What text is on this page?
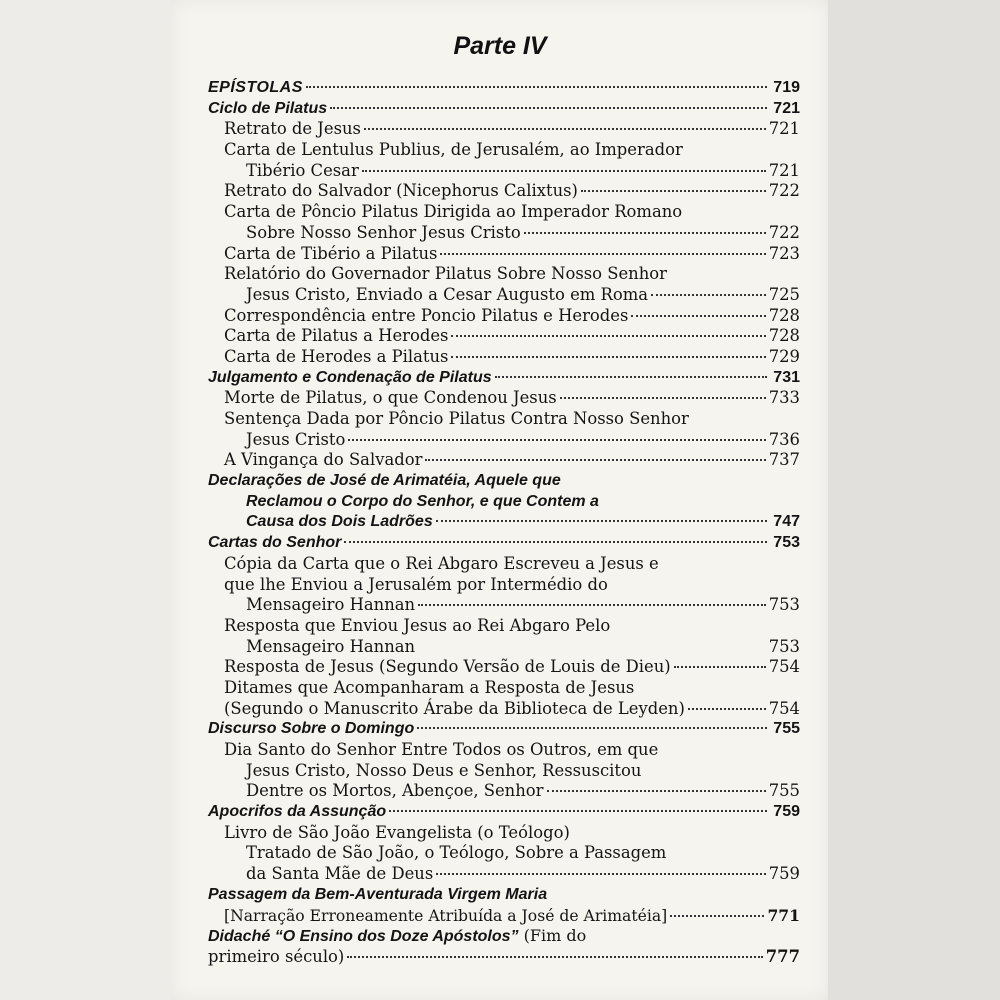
Parte IV
EPÍSTOLAS	719
Ciclo de Pilatus	721
Retrato de Jesus	721
Carta de Lentulus Publius, de Jerusalém, ao Imperador
Tibério Cesar	721
Retrato do Salvador (Nicephorus Calixtus)	722
Carta de Pôncio Pilatus Dirigida ao Imperador Romano
Sobre Nosso Senhor Jesus Cristo	722
Carta de Tibério a Pilatus	723
Relatório do Governador Pilatus Sobre Nosso Senhor
Jesus Cristo, Enviado a Cesar Augusto em Roma	725
Correspondência entre Poncio Pilatus e Herodes	728
Carta de Pilatus a Herodes	728
Carta de Herodes a Pilatus	729
Julgamento e Condenação de Pilatus	731
Morte de Pilatus, o que Condenou Jesus	733
Sentença Dada por Pôncio Pilatus Contra Nosso Senhor
Jesus Cristo	736
A Vingança do Salvador	737
Declarações de José de Arimatéia, Aquele que
Reclamou o Corpo do Senhor, e que Contem a
Causa dos Dois Ladrões	747
Cartas do Senhor	753
Cópia da Carta que o Rei Abgaro Escreveu a Jesus e
que lhe Enviou a Jerusalém por Intermédio do
Mensageiro Hannan	753
Resposta que Enviou Jesus ao Rei Abgaro Pelo
Mensageiro Hannan	753
Resposta de Jesus (Segundo Versão de Louis de Dieu)	754
Ditames que Acompanharam a Resposta de Jesus
(Segundo o Manuscrito Árabe da Biblioteca de Leyden)	754
Discurso Sobre o Domingo	755
Dia Santo do Senhor Entre Todos os Outros, em que
Jesus Cristo, Nosso Deus e Senhor, Ressuscitou
Dentre os Mortos, Abençoe, Senhor	755
Apocrifos da Assunção	759
Livro de São João Evangelista (o Teólogo)
Tratado de São João, o Teólogo, Sobre a Passagem
da Santa Mãe de Deus	759
Passagem da Bem-Aventurada Virgem Maria
[Narração Erroneamente Atribuída a José de Arimatéia]	771
Didaché “O Ensino dos Doze Apóstolos” (Fim do
primeiro século)	777
